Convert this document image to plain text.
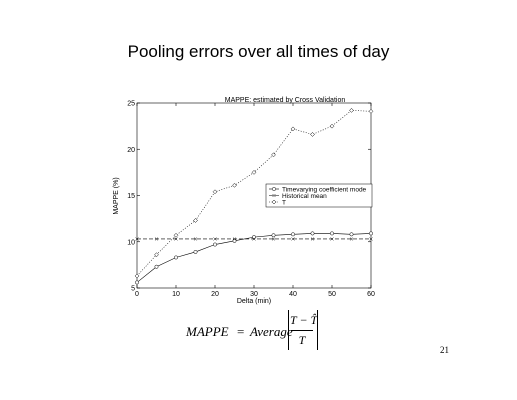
Pooling errors over all times of day
MAPPE: estimated by Cross Validation
0	10	20	30	40	50	60
5
10
15
20
25
Delta (min)
MAPPE (%)	Timevarying coefficient mode
Historical mean
T
MAPPE = Average
T − T̂
T
21
